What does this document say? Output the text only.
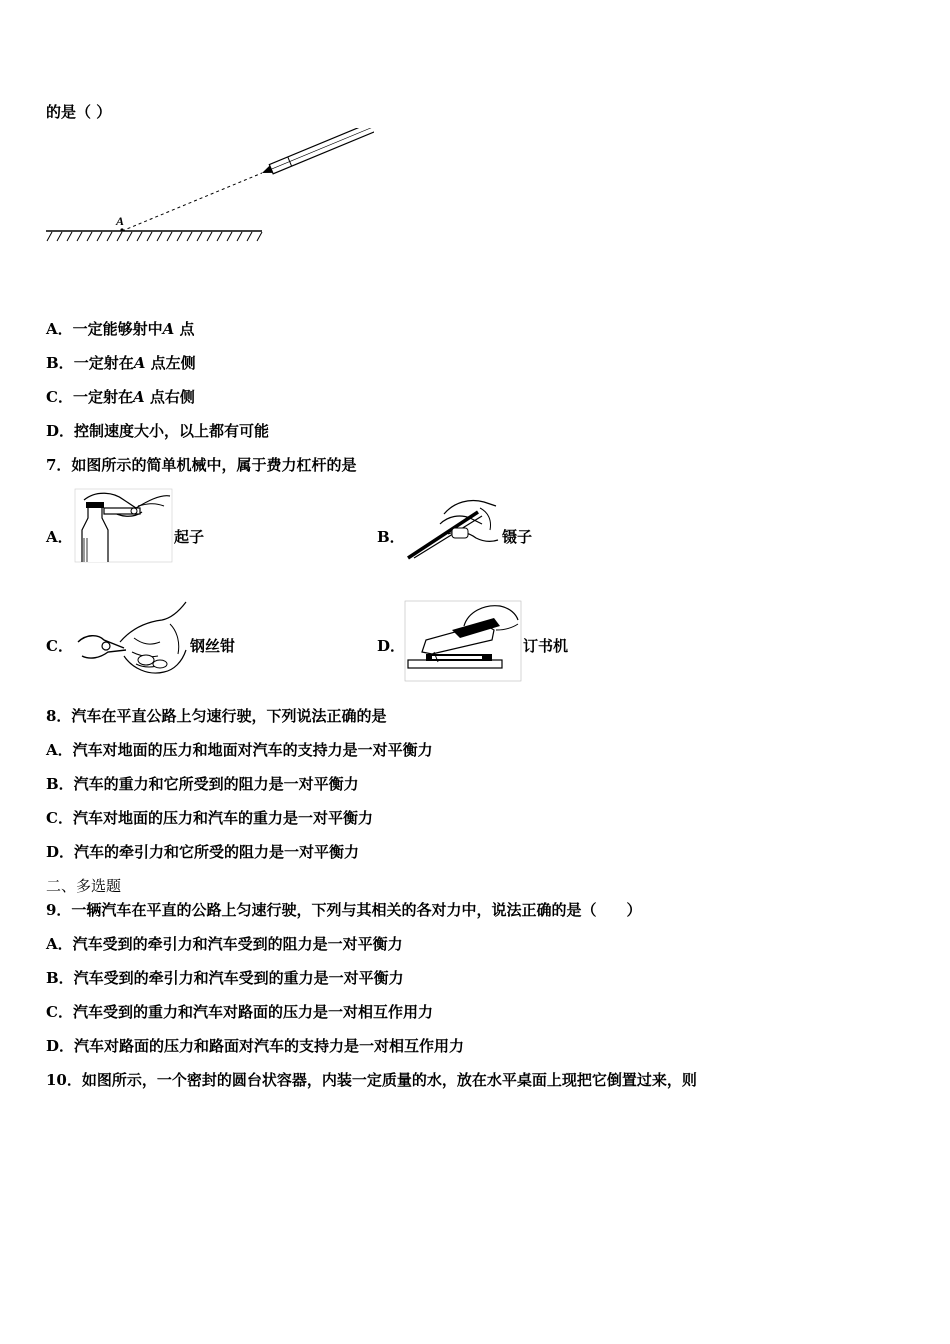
的是（ ）
A
A．一定能够射中A 点
B．一定射在A 点左侧
C．一定射在A 点右侧
D．控制速度大小，以上都有可能
7．如图所示的简单机械中，属于费力杠杆的是
A．	起子	B．	镊子
C．	钢丝钳	D．	订书机
8．汽车在平直公路上匀速行驶，下列说法正确的是
A．汽车对地面的压力和地面对汽车的支持力是一对平衡力
B．汽车的重力和它所受到的阻力是一对平衡力
C．汽车对地面的压力和汽车的重力是一对平衡力
D．汽车的牵引力和它所受的阻力是一对平衡力
二、多选题
9．一辆汽车在平直的公路上匀速行驶，下列与其相关的各对力中，说法正确的是（　　）
A．汽车受到的牵引力和汽车受到的阻力是一对平衡力
B．汽车受到的牵引力和汽车受到的重力是一对平衡力
C．汽车受到的重力和汽车对路面的压力是一对相互作用力
D．汽车对路面的压力和路面对汽车的支持力是一对相互作用力
10．如图所示，一个密封的圆台状容器，内装一定质量的水，放在水平桌面上现把它倒置过来，则
